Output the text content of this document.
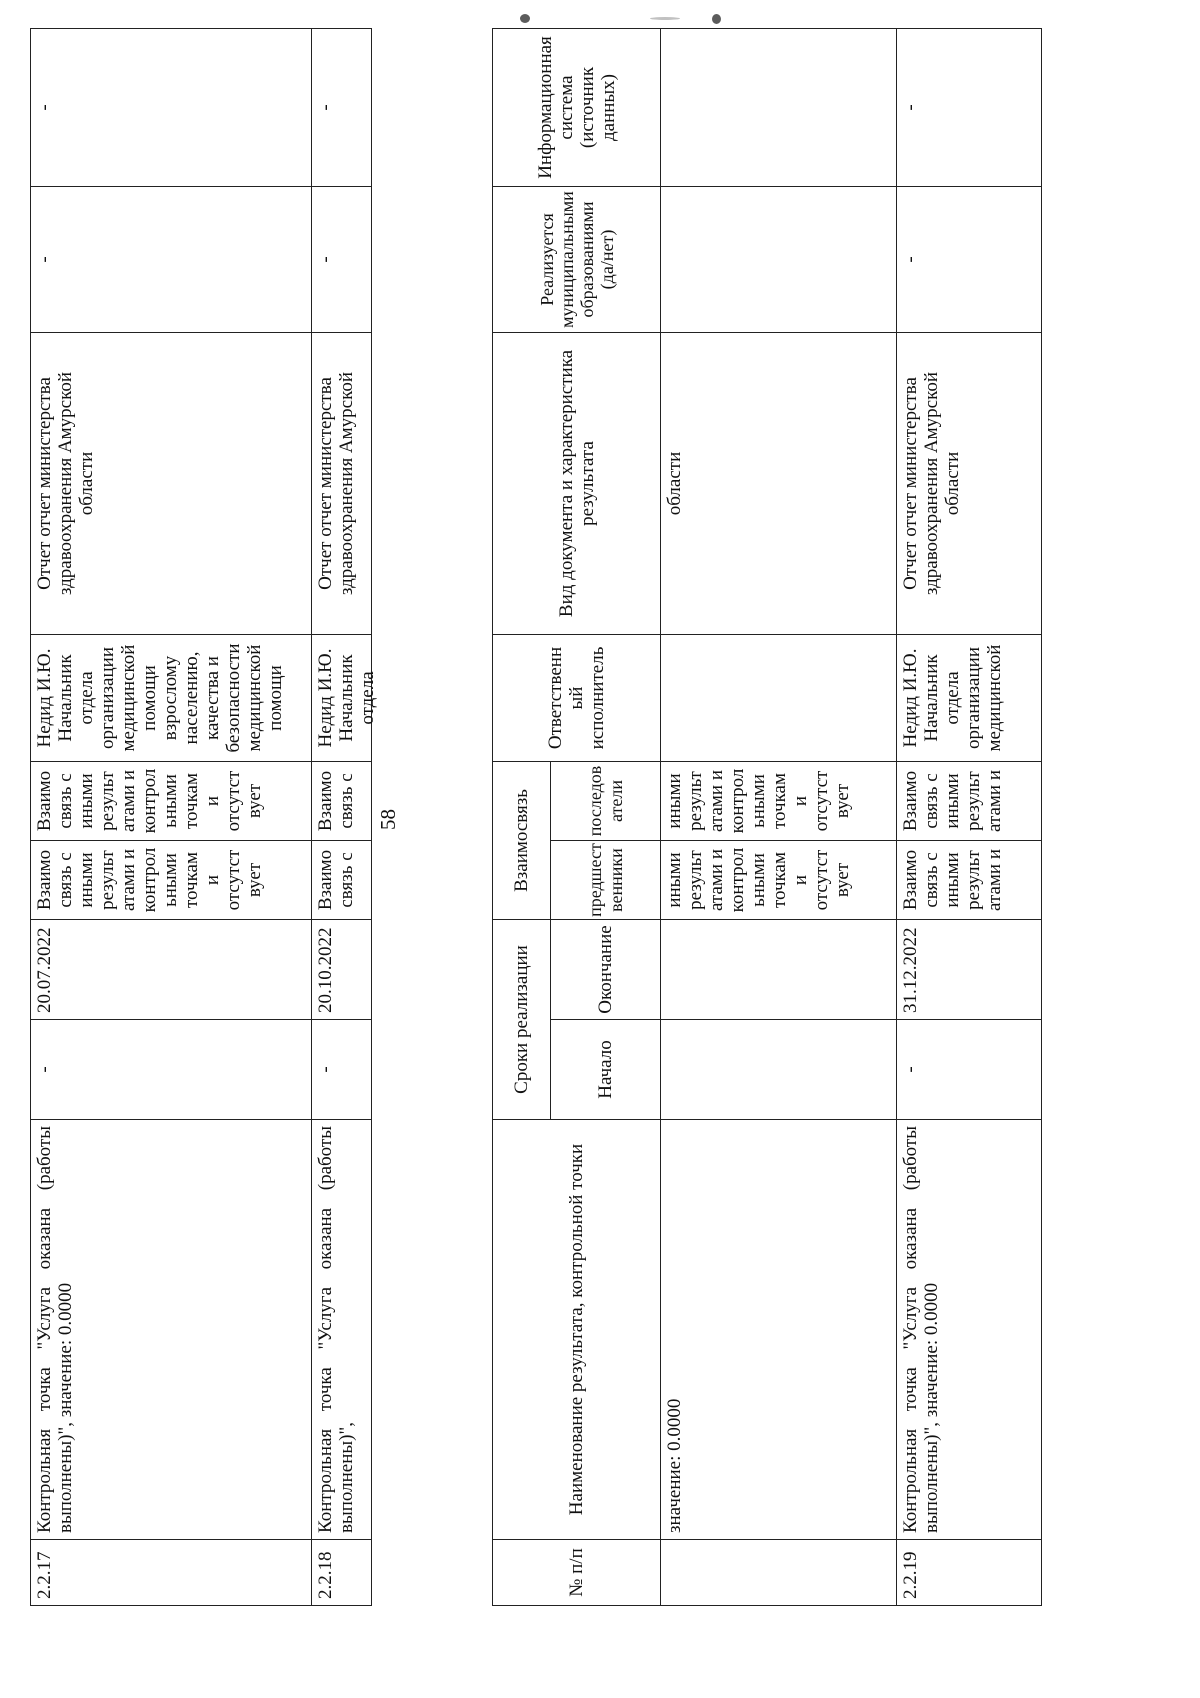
2.2.17	Контрольная точка "Услуга оказана (работы выполнены)", значение: 0.0000	-	20.07.2022	Взаимосвязь с иными результатами и контрольными точками отсутствует	Взаимосвязь с иными результатами и контрольными точками отсутствует	Недид И.Ю. Начальник отдела организации медицинской помощи взрослому населению, качества и безопасности медицинской помощи	Отчет отчет министерства здравоохранения Амурской области	-	-
2.2.18	Контрольная точка "Услуга оказана (работы выполнены)",	-	20.10.2022	Взаимосвязь с	Взаимосвязь с	Недид И.Ю. Начальник отдела	Отчет отчет министерства здравоохранения Амурской	-	-
58
№ п/п	Наименование результата, контрольной точки	Сроки реализации		Взаимосвязь		Ответственный исполнитель	Вид документа и характеристика результата	Реализуется муниципальными образованиями (да/нет)	Информационная система (источник данных)
		Начало	Окончание	предшественники	последователи				
	значение: 0.0000			иными результатами и контрольными точками отсутствует	иными результатами и контрольными точками отсутствует		области		
2.2.19	Контрольная точка "Услуга оказана (работы выполнены)", значение: 0.0000	-	31.12.2022	Взаимосвязь с иными результатами и	Взаимосвязь с иными результатами и	Недид И.Ю. Начальник отдела организации медицинской	Отчет отчет министерства здравоохранения Амурской области	-	-
